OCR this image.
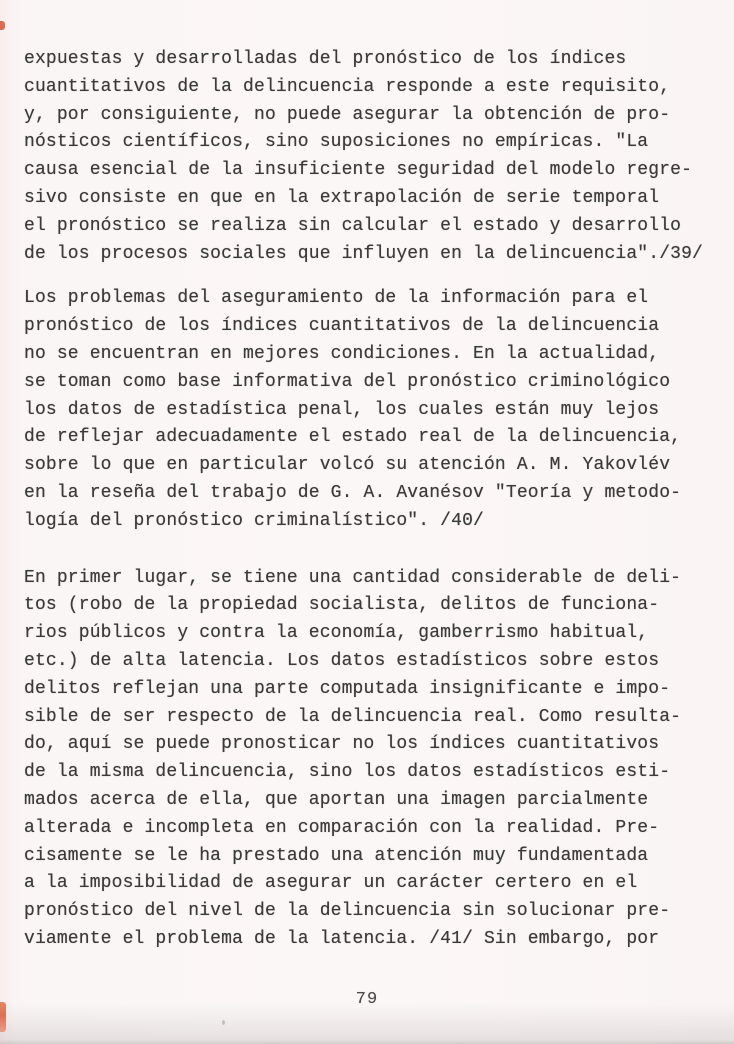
expuestas y desarrolladas del pronóstico de los índices
cuantitativos de la delincuencia responde a este requisito,
y, por consiguiente, no puede asegurar la obtención de pro-
nósticos científicos, sino suposiciones no empíricas. "La
causa esencial de la insuficiente seguridad del modelo regre-
sivo consiste en que en la extrapolación de serie temporal
el pronóstico se realiza sin calcular el estado y desarrollo
de los procesos sociales que influyen en la delincuencia"./39/
Los problemas del aseguramiento de la información para el
pronóstico de los índices cuantitativos de la delincuencia
no se encuentran en mejores condiciones. En la actualidad,
se toman como base informativa del pronóstico criminológico
los datos de estadística penal, los cuales están muy lejos
de reflejar adecuadamente el estado real de la delincuencia,
sobre lo que en particular volcó su atención A. M. Yakovlév
en la reseña del trabajo de G. A. Avanésov "Teoría y metodo-
logía del pronóstico criminalístico". /40/
En primer lugar, se tiene una cantidad considerable de deli-
tos (robo de la propiedad socialista, delitos de funciona-
rios públicos y contra la economía, gamberrismo habitual,
etc.) de alta latencia. Los datos estadísticos sobre estos
delitos reflejan una parte computada insignificante e impo-
sible de ser respecto de la delincuencia real. Como resulta-
do, aquí se puede pronosticar no los índices cuantitativos
de la misma delincuencia, sino los datos estadísticos esti-
mados acerca de ella, que aportan una imagen parcialmente
alterada e incompleta en comparación con la realidad. Pre-
cisamente se le ha prestado una atención muy fundamentada
a la imposibilidad de asegurar un carácter certero en el
pronóstico del nivel de la delincuencia sin solucionar pre-
viamente el problema de la latencia. /41/ Sin embargo, por
79
